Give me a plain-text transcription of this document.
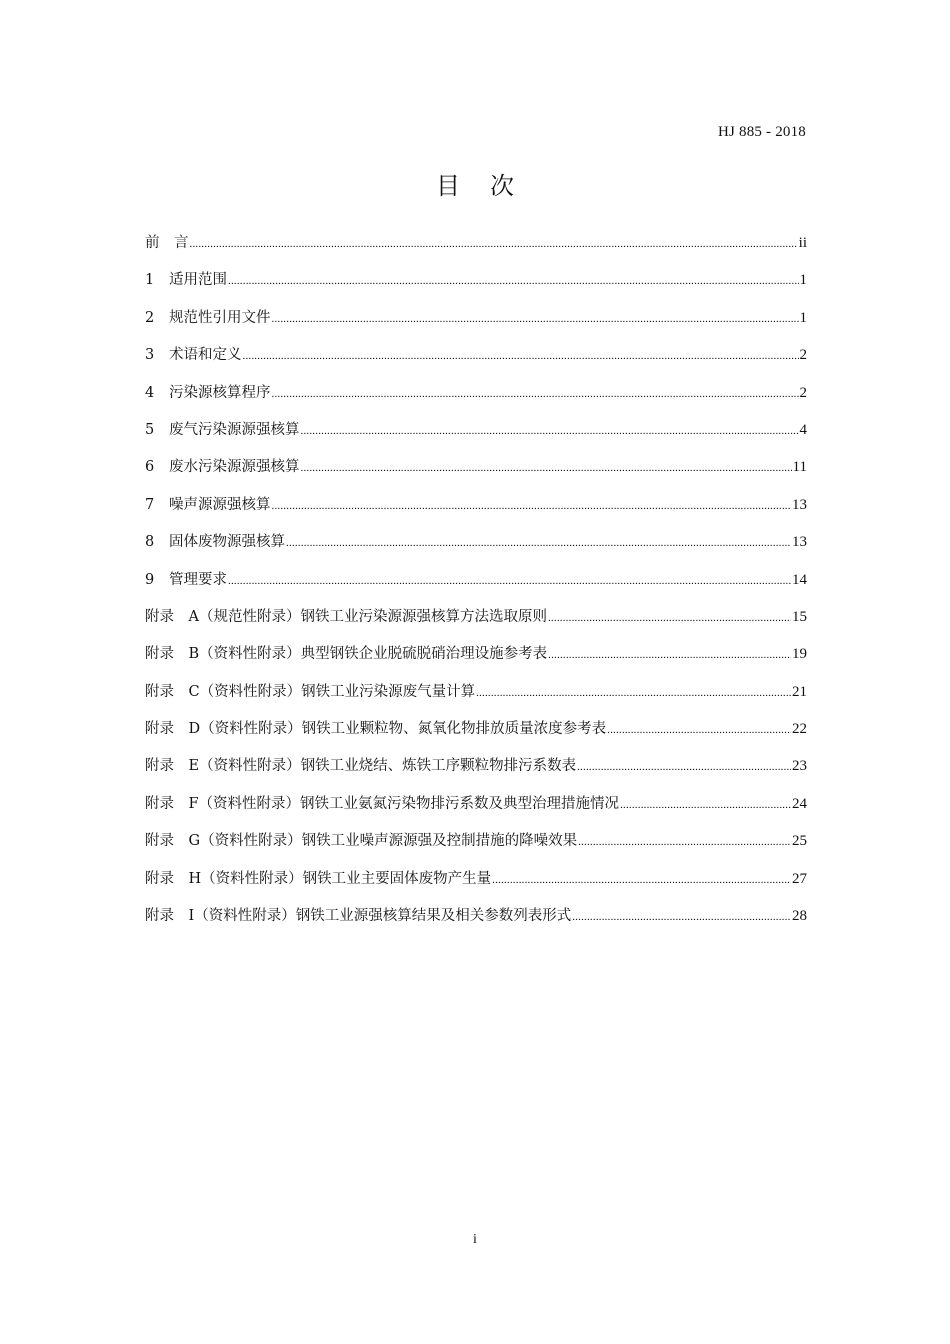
HJ 885 - 2018
目次
前　言 .....	ii
1	适用范围 .....	1
2	规范性引用文件 .....	1
3	术语和定义 .....	2
4	污染源核算程序 .....	2
5	废气污染源源强核算 .....	4
6	废水污染源源强核算 .....	11
7	噪声源源强核算 .....	13
8	固体废物源强核算 .....	13
9	管理要求 .....	14
附录　A（规范性附录）钢铁工业污染源源强核算方法选取原则 .....	15
附录　B（资料性附录）典型钢铁企业脱硫脱硝治理设施参考表 .....	19
附录　C（资料性附录）钢铁工业污染源废气量计算 .....	21
附录　D（资料性附录）钢铁工业颗粒物、氮氧化物排放质量浓度参考表 .....	22
附录　E（资料性附录）钢铁工业烧结、炼铁工序颗粒物排污系数表 .....	23
附录　F（资料性附录）钢铁工业氨氮污染物排污系数及典型治理措施情况 .....	24
附录　G（资料性附录）钢铁工业噪声源源强及控制措施的降噪效果 .....	25
附录　H（资料性附录）钢铁工业主要固体废物产生量 .....	27
附录　I（资料性附录）钢铁工业源强核算结果及相关参数列表形式 .....	28
i
